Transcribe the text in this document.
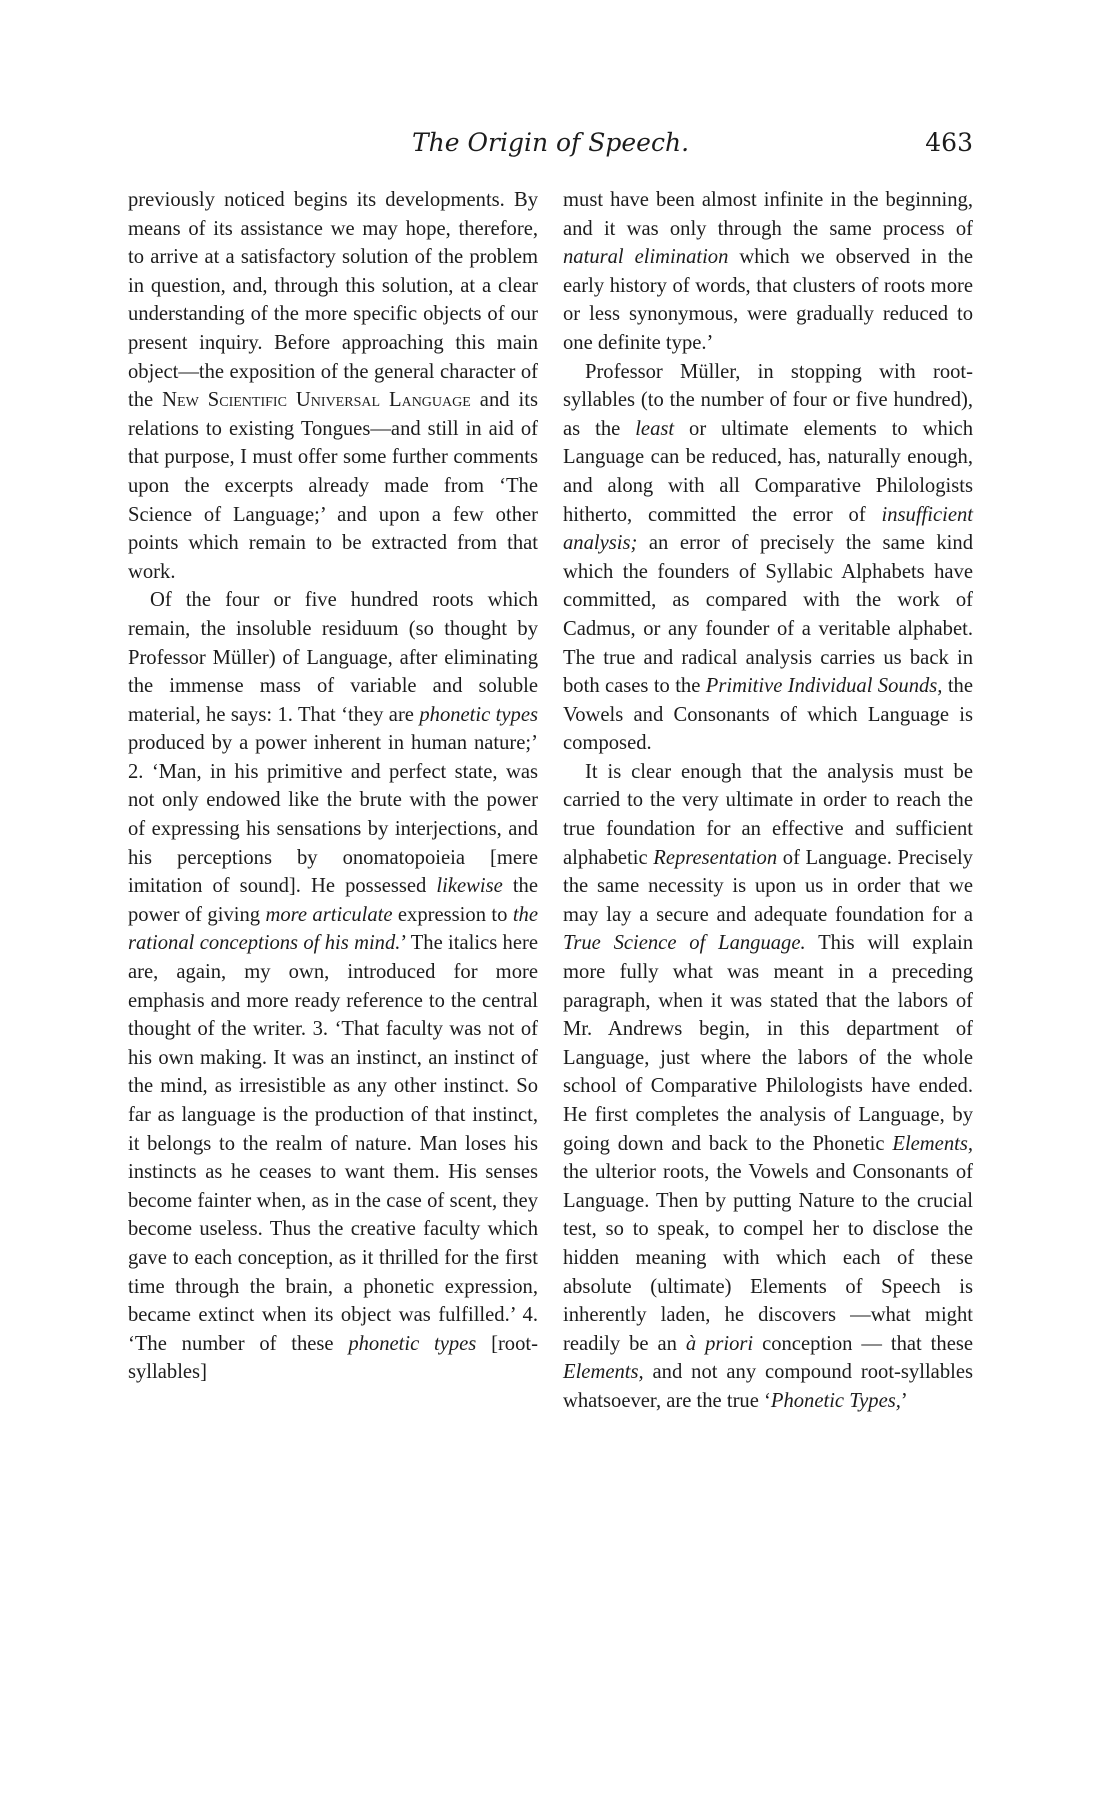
The Origin of Speech.	463

previously noticed begins its developments. By means of its assistance we may hope, therefore, to arrive at a satisfactory solution of the problem in question, and, through this solution, at a clear understanding of the more specific objects of our present inquiry. Before approaching this main object—the exposition of the general character of the New Scientific Universal Language and its relations to existing Tongues—and still in aid of that purpose, I must offer some further comments upon the excerpts already made from ‘The Science of Language;’ and upon a few other points which remain to be extracted from that work.

Of the four or five hundred roots which remain, the insoluble residuum (so thought by Professor Müller) of Language, after eliminating the immense mass of variable and soluble material, he says: 1. That ‘they are phonetic types produced by a power inherent in human nature;’ 2. ‘Man, in his primitive and perfect state, was not only endowed like the brute with the power of expressing his sensations by interjections, and his perceptions by onomatopoieia [mere imitation of sound]. He possessed likewise the power of giving more articulate expression to the rational conceptions of his mind.’ The italics here are, again, my own, introduced for more emphasis and more ready reference to the central thought of the writer. 3. ‘That faculty was not of his own making. It was an instinct, an instinct of the mind, as irresistible as any other instinct. So far as language is the production of that instinct, it belongs to the realm of nature. Man loses his instincts as he ceases to want them. His senses become fainter when, as in the case of scent, they become useless. Thus the creative faculty which gave to each conception, as it thrilled for the first time through the brain, a phonetic expression, became extinct when its object was fulfilled.’ 4. ‘The number of these phonetic types [root-syllables]

must have been almost infinite in the beginning, and it was only through the same process of natural elimination which we observed in the early history of words, that clusters of roots more or less synonymous, were gradually reduced to one definite type.’

Professor Müller, in stopping with root-syllables (to the number of four or five hundred), as the least or ultimate elements to which Language can be reduced, has, naturally enough, and along with all Comparative Philologists hitherto, committed the error of insufficient analysis; an error of precisely the same kind which the founders of Syllabic Alphabets have committed, as compared with the work of Cadmus, or any founder of a veritable alphabet. The true and radical analysis carries us back in both cases to the Primitive Individual Sounds, the Vowels and Consonants of which Language is composed.

It is clear enough that the analysis must be carried to the very ultimate in order to reach the true foundation for an effective and sufficient alphabetic Representation of Language. Precisely the same necessity is upon us in order that we may lay a secure and adequate foundation for a True Science of Language. This will explain more fully what was meant in a preceding paragraph, when it was stated that the labors of Mr. Andrews begin, in this department of Language, just where the labors of the whole school of Comparative Philologists have ended. He first completes the analysis of Language, by going down and back to the Phonetic Elements, the ulterior roots, the Vowels and Consonants of Language. Then by putting Nature to the crucial test, so to speak, to compel her to disclose the hidden meaning with which each of these absolute (ultimate) Elements of Speech is inherently laden, he discovers —what might readily be an à priori conception — that these Elements, and not any compound root-syllables whatsoever, are the true ‘Phonetic Types,’
